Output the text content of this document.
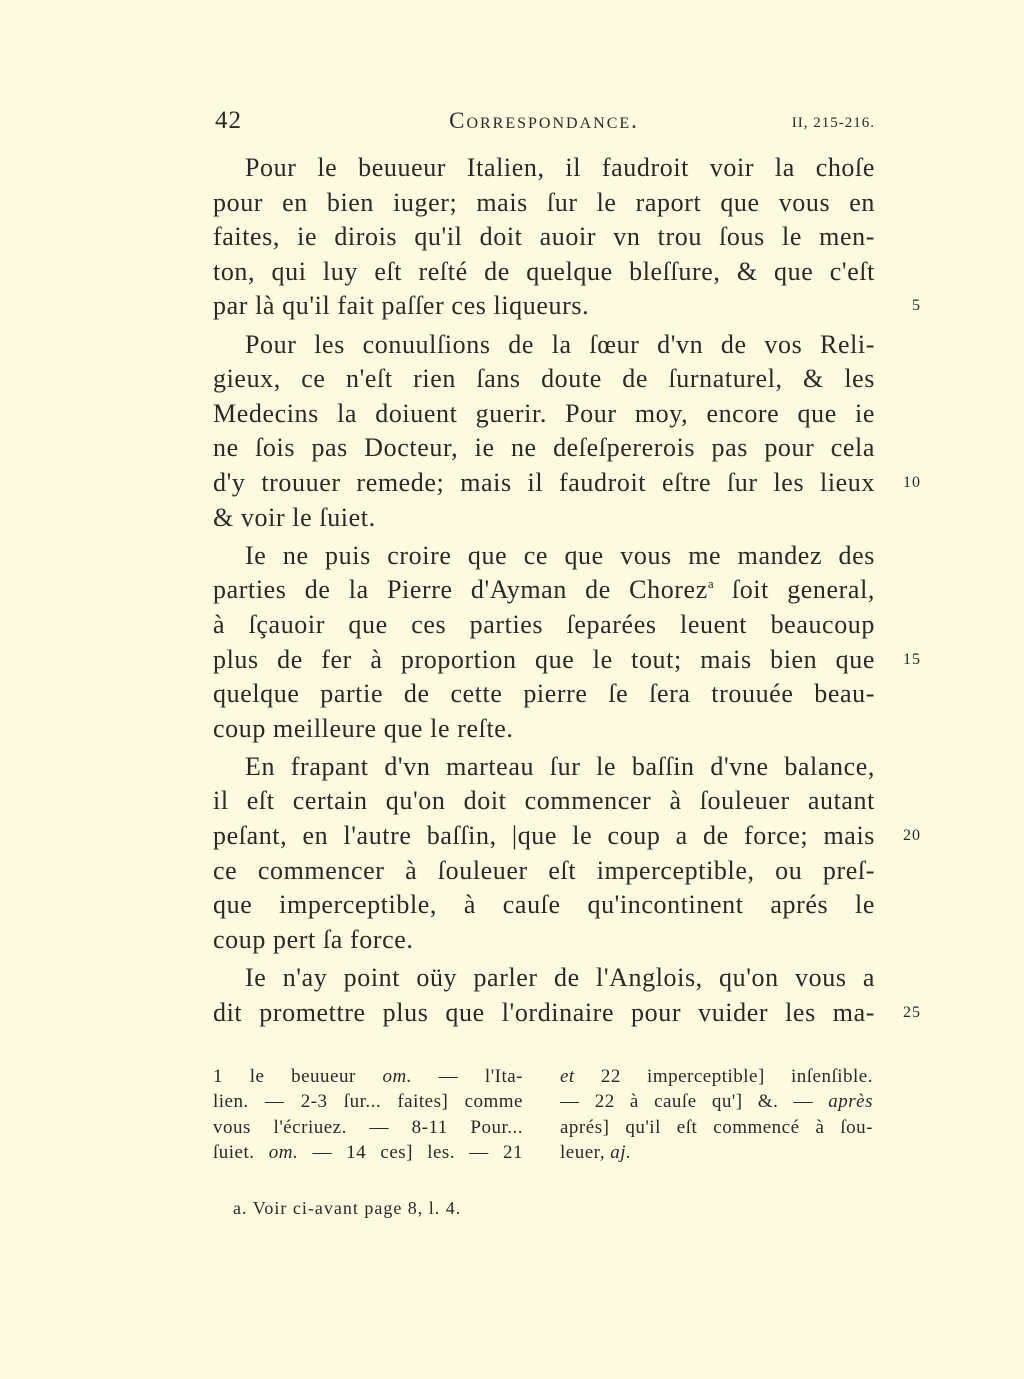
42	Correspondance.	II, 215-216.
Pour le beuueur Italien, il faudroit voir la choſe
pour en bien iuger; mais ſur le raport que vous en
faites, ie dirois qu'il doit auoir vn trou ſous le men-
ton, qui luy eſt reſté de quelque bleſſure, & que c'eſt
par là qu'il fait paſſer ces liqueurs.	5
Pour les conuulſions de la ſœur d'vn de vos Reli-
gieux, ce n'eſt rien ſans doute de ſurnaturel, & les
Medecins la doiuent guerir. Pour moy, encore que ie
ne ſois pas Docteur, ie ne deſeſpererois pas pour cela
d'y trouuer remede; mais il faudroit eſtre ſur les lieux 10
& voir le ſuiet.
Ie ne puis croire que ce que vous me mandez des
parties de la Pierre d'Ayman de Chorez$^a$ ſoit general,
à ſçauoir que ces parties ſeparées leuent beaucoup
plus de fer à proportion que le tout; mais bien que 15
quelque partie de cette pierre ſe ſera trouuée beau-
coup meilleure que le reſte.
En frapant d'vn marteau ſur le baſſin d'vne balance,
il eſt certain qu'on doit commencer à ſouleuer autant
peſant, en l'autre baſſin, |que le coup a de force; mais 20
ce commencer à ſouleuer eſt imperceptible, ou preſ-
que imperceptible, à cauſe qu'incontinent aprés le
coup pert ſa force.
Ie n'ay point oüy parler de l'Anglois, qu'on vous a
dit promettre plus que l'ordinaire pour vuider les ma- 25
1 le beuueur om. — l'Ita-
lien. — 2-3 ſur... faites] comme
vous l'écriuez. — 8-11 Pour...
ſuiet. om. — 14 ces] les. — 21
et 22 imperceptible] inſenſible.
— 22 à cauſe qu'] &. — après
aprés] qu'il eſt commencé à ſou-
leuer, aj.
a. Voir ci-avant page 8, l. 4.
